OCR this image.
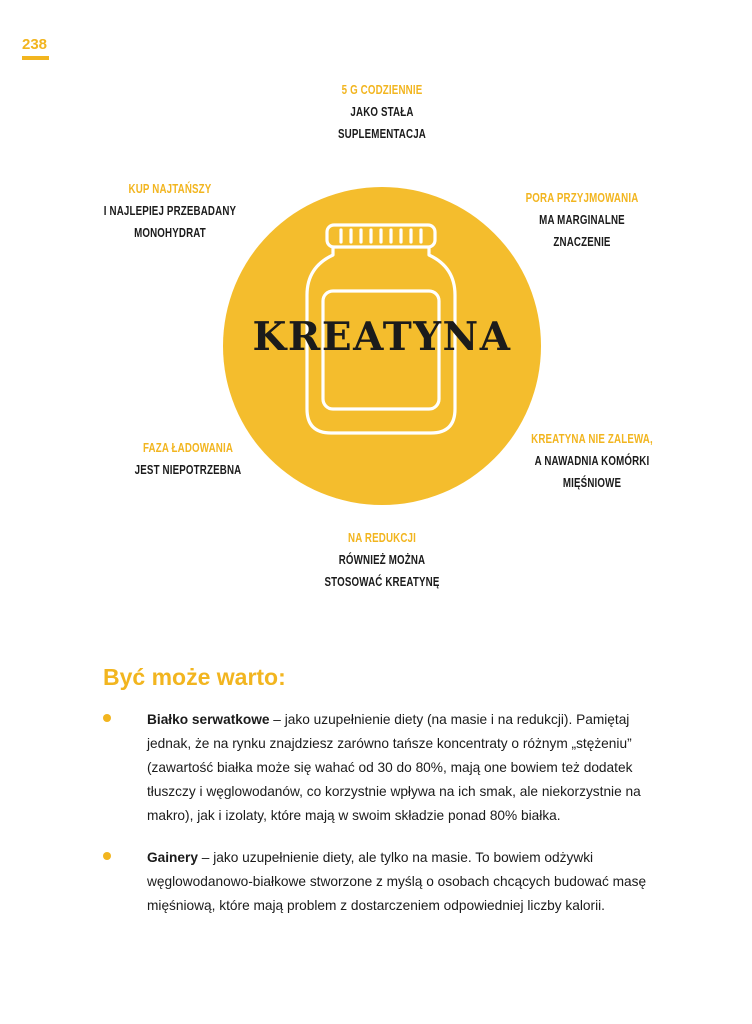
238
KREATYNA
5 G CODZIENNIE
JAKO STAŁA
SUPLEMENTACJA
KUP NAJTAŃSZY
I NAJLEPIEJ PRZEBADANY
MONOHYDRAT
PORA PRZYJMOWANIA
MA MARGINALNE
ZNACZENIE
FAZA ŁADOWANIA
JEST NIEPOTRZEBNA
KREATYNA NIE ZALEWA,
A NAWADNIA KOMÓRKI
MIĘŚNIOWE
NA REDUKCJI
RÓWNIEŻ MOŻNA
STOSOWAĆ KREATYNĘ
Być może warto:
Białko serwatkowe – jako uzupełnienie diety (na masie i na redukcji). Pamiętaj jednak, że na rynku znajdziesz zarówno tańsze koncentraty o różnym „stężeniu” (zawartość białka może się wahać od 30 do 80%, mają one bowiem też dodatek tłuszczy i węglowodanów, co korzystnie wpływa na ich smak, ale niekorzystnie na makro), jak i izolaty, które mają w swoim składzie ponad 80% białka.
Gainery – jako uzupełnienie diety, ale tylko na masie. To bowiem odżywki węglowodanowo-białkowe stworzone z myślą o osobach chcących budować masę mięśniową, które mają problem z dostarczeniem odpowiedniej liczby kalorii.
